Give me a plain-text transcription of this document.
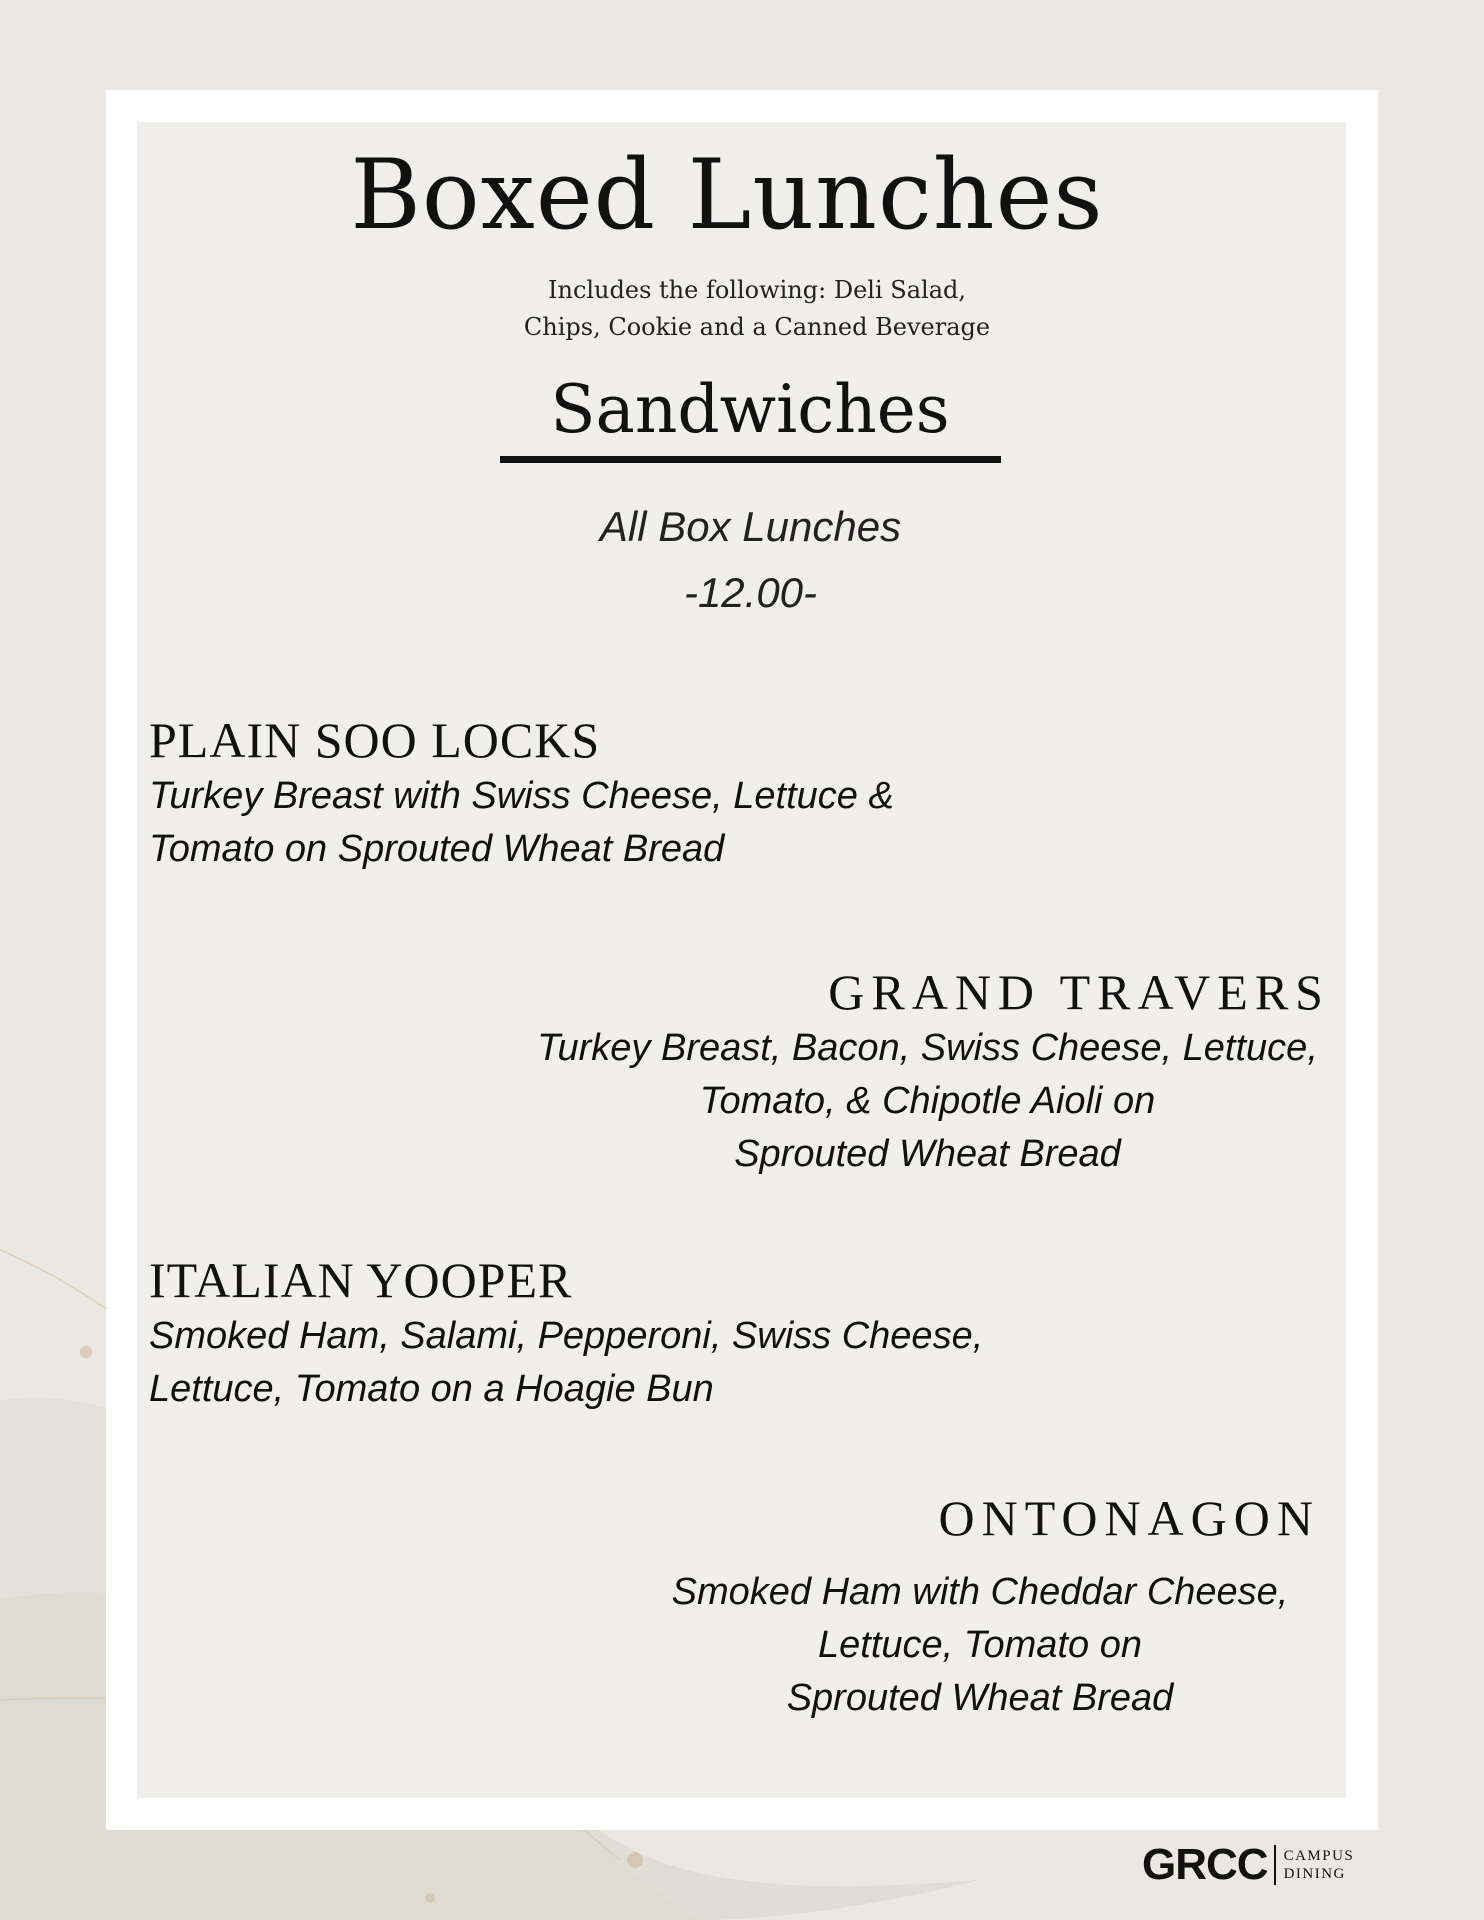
Boxed Lunches
Includes the following: Deli Salad,
Chips, Cookie and a Canned Beverage
Sandwiches
All Box Lunches
-12.00-
PLAIN SOO LOCKS
Turkey Breast with Swiss Cheese, Lettuce &
Tomato on Sprouted Wheat Bread
GRAND TRAVERS
Turkey Breast, Bacon, Swiss Cheese, Lettuce,
Tomato, & Chipotle Aioli on
Sprouted Wheat Bread
ITALIAN YOOPER
Smoked Ham, Salami, Pepperoni, Swiss Cheese,
Lettuce, Tomato on a Hoagie Bun
ONTONAGON
Smoked Ham with Cheddar Cheese,
Lettuce, Tomato on
Sprouted Wheat Bread
GRCC CAMPUS
DINING
